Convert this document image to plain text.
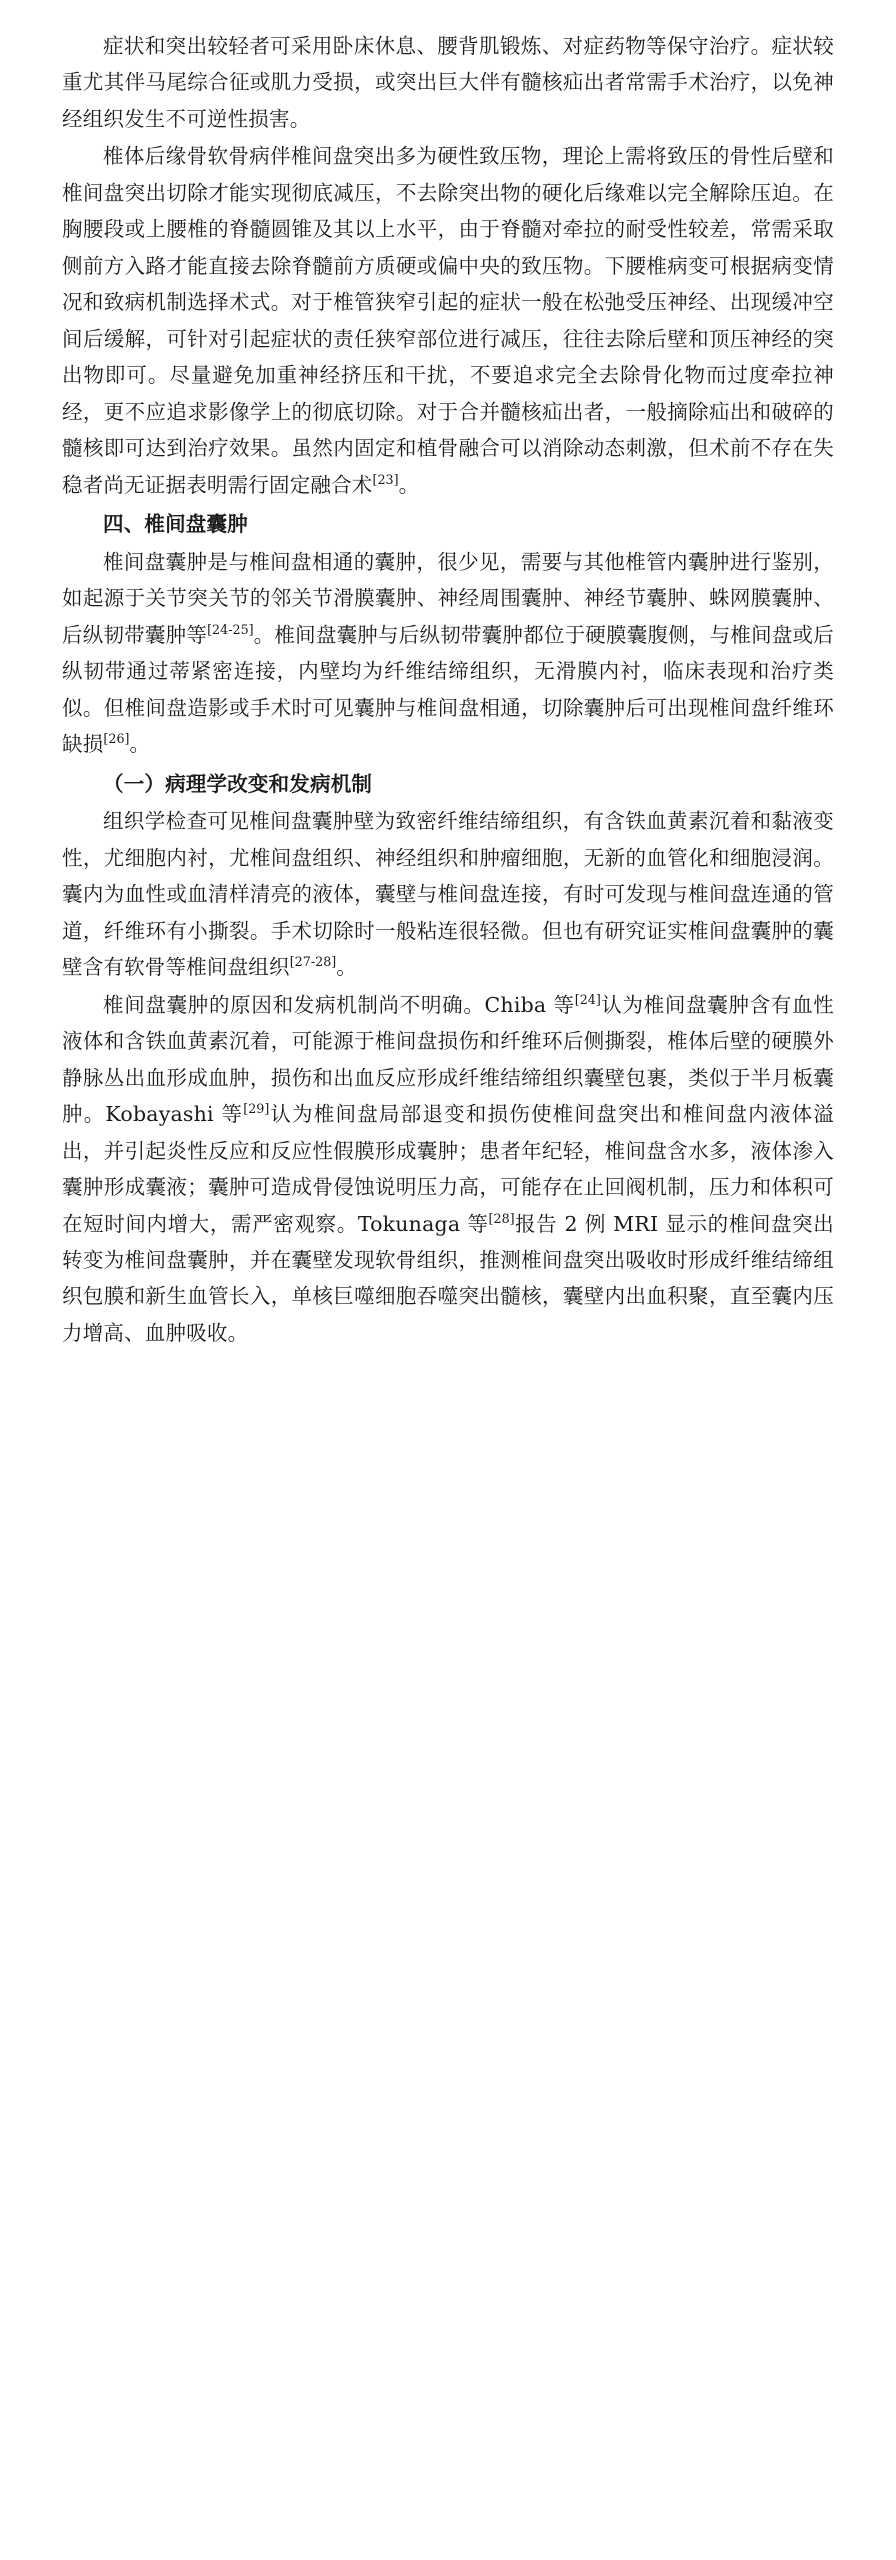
症状和突出较轻者可采用卧床休息、腰背肌锻炼、对症药物等保守治疗。症状较重尤其伴马尾综合征或肌力受损，或突出巨大伴有髓核疝出者常需手术治疗，以免神经组织发生不可逆性损害。

椎体后缘骨软骨病伴椎间盘突出多为硬性致压物，理论上需将致压的骨性后壁和椎间盘突出切除才能实现彻底减压，不去除突出物的硬化后缘难以完全解除压迫。在胸腰段或上腰椎的脊髓圆锥及其以上水平，由于脊髓对牵拉的耐受性较差，常需采取侧前方入路才能直接去除脊髓前方质硬或偏中央的致压物。下腰椎病变可根据病变情况和致病机制选择术式。对于椎管狭窄引起的症状一般在松弛受压神经、出现缓冲空间后缓解，可针对引起症状的责任狭窄部位进行减压，往往去除后壁和顶压神经的突出物即可。尽量避免加重神经挤压和干扰，不要追求完全去除骨化物而过度牵拉神经，更不应追求影像学上的彻底切除。对于合并髓核疝出者，一般摘除疝出和破碎的髓核即可达到治疗效果。虽然内固定和植骨融合可以消除动态刺激，但术前不存在失稳者尚无证据表明需行固定融合术[23]。

四、椎间盘囊肿

椎间盘囊肿是与椎间盘相通的囊肿，很少见，需要与其他椎管内囊肿进行鉴别，如起源于关节突关节的邻关节滑膜囊肿、神经周围囊肿、神经节囊肿、蛛网膜囊肿、后纵韧带囊肿等[24-25]。椎间盘囊肿与后纵韧带囊肿都位于硬膜囊腹侧，与椎间盘或后纵韧带通过蒂紧密连接，内壁均为纤维结缔组织，无滑膜内衬，临床表现和治疗类似。但椎间盘造影或手术时可见囊肿与椎间盘相通，切除囊肿后可出现椎间盘纤维环缺损[26]。

（一）病理学改变和发病机制

组织学检查可见椎间盘囊肿壁为致密纤维结缔组织，有含铁血黄素沉着和黏液变性，尤细胞内衬，尤椎间盘组织、神经组织和肿瘤细胞，无新的血管化和细胞浸润。囊内为血性或血清样清亮的液体，囊壁与椎间盘连接，有时可发现与椎间盘连通的管道，纤维环有小撕裂。手术切除时一般粘连很轻微。但也有研究证实椎间盘囊肿的囊壁含有软骨等椎间盘组织[27-28]。

椎间盘囊肿的原因和发病机制尚不明确。Chiba 等[24]认为椎间盘囊肿含有血性液体和含铁血黄素沉着，可能源于椎间盘损伤和纤维环后侧撕裂，椎体后壁的硬膜外静脉丛出血形成血肿，损伤和出血反应形成纤维结缔组织囊壁包裹，类似于半月板囊肿。Kobayashi 等[29]认为椎间盘局部退变和损伤使椎间盘突出和椎间盘内液体溢出，并引起炎性反应和反应性假膜形成囊肿；患者年纪轻，椎间盘含水多，液体渗入囊肿形成囊液；囊肿可造成骨侵蚀说明压力高，可能存在止回阀机制，压力和体积可在短时间内增大，需严密观察。Tokunaga 等[28]报告 2 例 MRI 显示的椎间盘突出转变为椎间盘囊肿，并在囊壁发现软骨组织，推测椎间盘突出吸收时形成纤维结缔组织包膜和新生血管长入，单核巨噬细胞吞噬突出髓核，囊壁内出血积聚，直至囊内压力增高、血肿吸收。
